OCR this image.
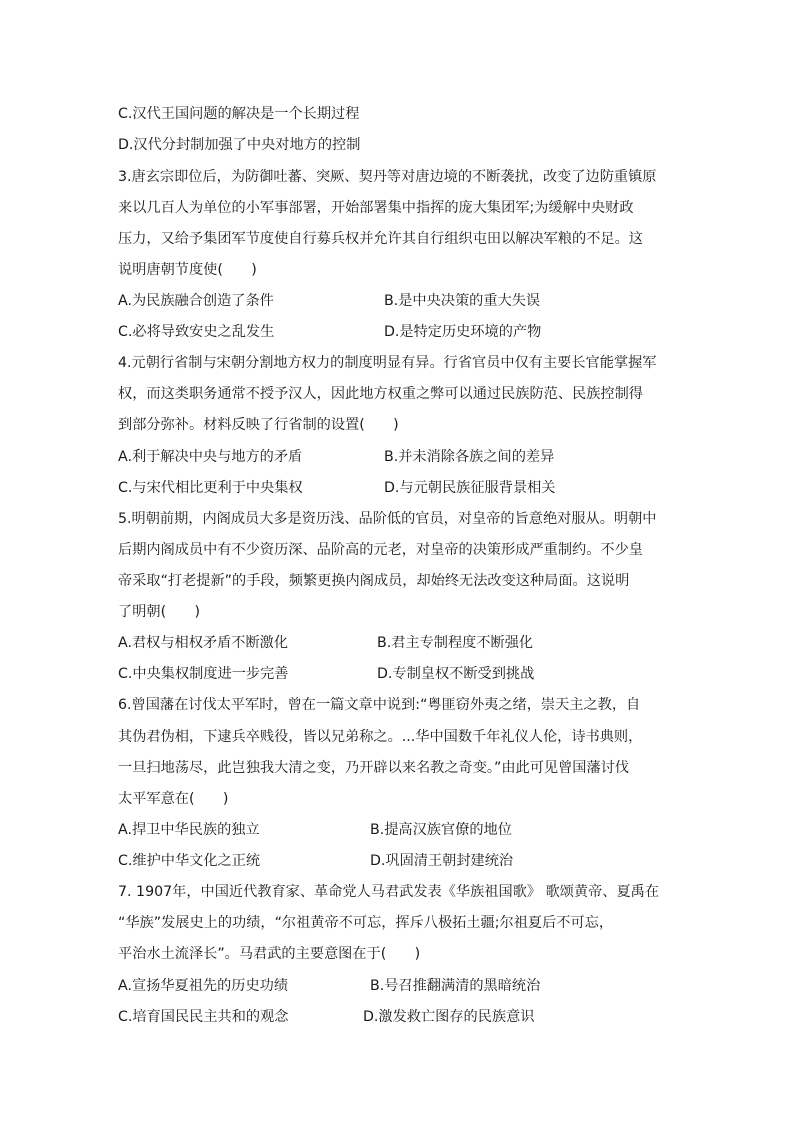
C.汉代王国问题的解决是一个长期过程
D.汉代分封制加强了中央对地方的控制
3.唐玄宗即位后，为防御吐蕃、突厥、契丹等对唐边境的不断袭扰，改变了边防重镇原
来以几百人为单位的小军事部署，开始部署集中指挥的庞大集团军;为缓解中央财政
压力，又给予集团军节度使自行募兵权并允许其自行组织屯田以解决军粮的不足。这
说明唐朝节度使(　　)
A.为民族融合创造了条件	B.是中央决策的重大失误
C.必将导致安史之乱发生	D.是特定历史环境的产物
4.元朝行省制与宋朝分割地方权力的制度明显有异。行省官员中仅有主要长官能掌握军
权，而这类职务通常不授予汉人，因此地方权重之弊可以通过民族防范、民族控制得
到部分弥补。材料反映了行省制的设置(　　)
A.利于解决中央与地方的矛盾	B.并未消除各族之间的差异
C.与宋代相比更利于中央集权	D.与元朝民族征服背景相关
5.明朝前期，内阁成员大多是资历浅、品阶低的官员，对皇帝的旨意绝对服从。明朝中
后期内阁成员中有不少资历深、品阶高的元老，对皇帝的决策形成严重制约。不少皇
帝采取“打老提新”的手段，频繁更换内阁成员，却始终无法改变这种局面。这说明
了明朝(　　)
A.君权与相权矛盾不断激化	B.君主专制程度不断强化
C.中央集权制度进一步完善	D.专制皇权不断受到挑战
6.曾国藩在讨伐太平军时，曾在一篇文章中说到:“粤匪窃外夷之绪，崇天主之教，自
其伪君伪相，下逮兵卒贱役，皆以兄弟称之。...华中国数千年礼仪人伦，诗书典则，
一旦扫地荡尽，此岂独我大清之变，乃开辟以来名教之奇变。”由此可见曾国藩讨伐
太平军意在(　　)
A.捍卫中华民族的独立	B.提高汉族官僚的地位
C.维护中华文化之正统	D.巩固清王朝封建统治
7. 1907年，中国近代教育家、革命党人马君武发表《华族祖国歌》 歌颂黄帝、夏禹在
“华族”发展史上的功绩，“尔祖黄帝不可忘，挥斥八极拓土疆;尔祖夏后不可忘，
平治水土流泽长”。马君武的主要意图在于(　　)
A.宣扬华夏祖先的历史功绩	B.号召推翻满清的黑暗统治
C.培育国民民主共和的观念	D.激发救亡图存的民族意识
